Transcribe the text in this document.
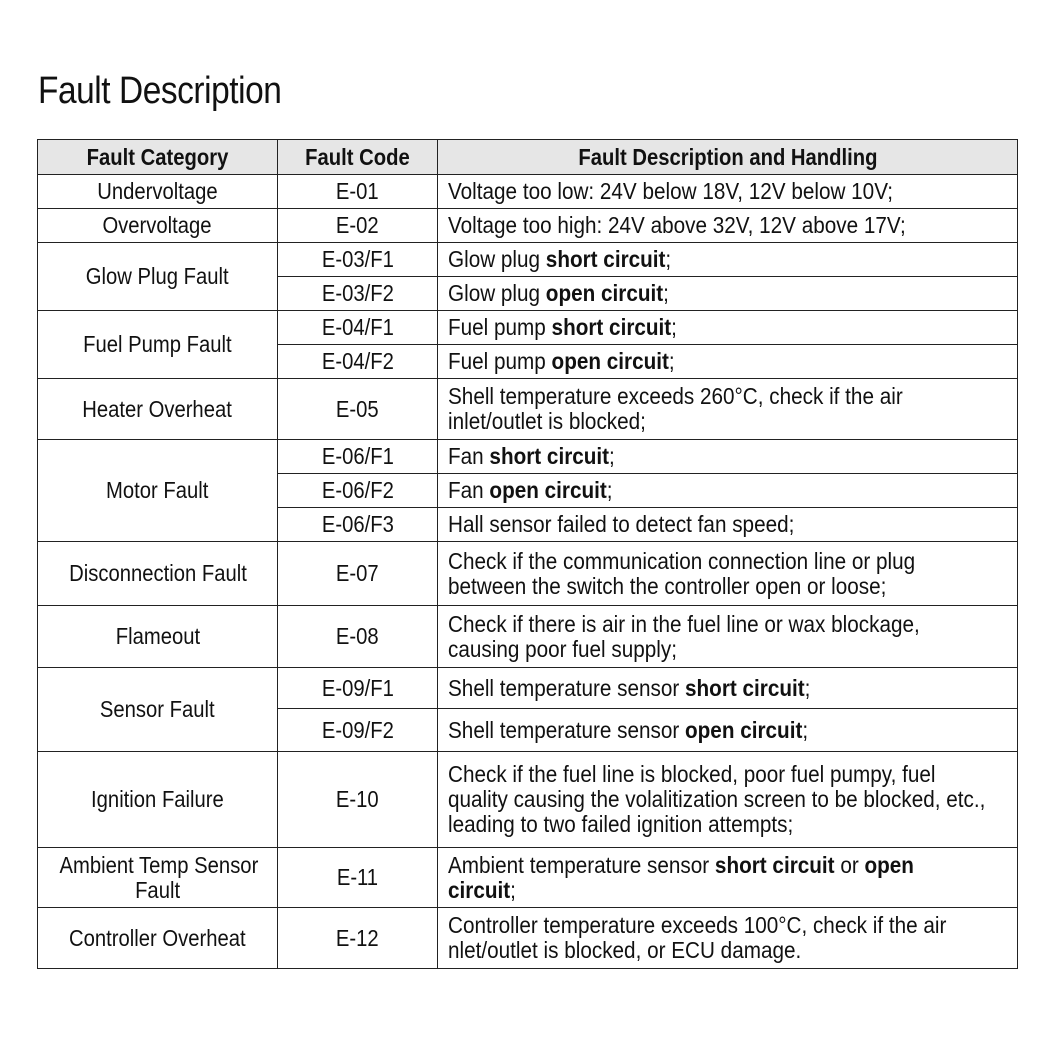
Fault Description
Fault Category	Fault Code	Fault Description and Handling
Undervoltage	E-01	Voltage too low: 24V below 18V, 12V below 10V;

Overvoltage	E-02	Voltage too high: 24V above 32V, 12V above 17V;

Glow Plug Fault	E-03/F1	Glow plug short circuit;

	E-03/F2	Glow plug open circuit;

Fuel Pump Fault	E-04/F1	Fuel pump short circuit;

	E-04/F2	Fuel pump open circuit;

Heater Overheat	E-05	Shell temperature exceeds 260°C, check if the air
inlet/outlet is blocked;

Motor Fault	E-06/F1	Fan short circuit;

	E-06/F2	Fan open circuit;

	E-06/F3	Hall sensor failed to detect fan speed;

Disconnection Fault	E-07	Check if the communication connection line or plug
between the switch the controller open or loose;

Flameout	E-08	Check if there is air in the fuel line or wax blockage,
causing poor fuel supply;

Sensor Fault	E-09/F1	Shell temperature sensor short circuit;

	E-09/F2	Shell temperature sensor open circuit;

Ignition Failure	E-10	Check if the fuel line is blocked, poor fuel pumpy, fuel
quality causing the volalitization screen to be blocked, etc.,
leading to two failed ignition attempts;

Ambient Temp Sensor
Fault	E-11	Ambient temperature sensor short circuit or open
circuit;

Controller Overheat	E-12	Controller temperature exceeds 100°C, check if the air
nlet/outlet is blocked, or ECU damage.
